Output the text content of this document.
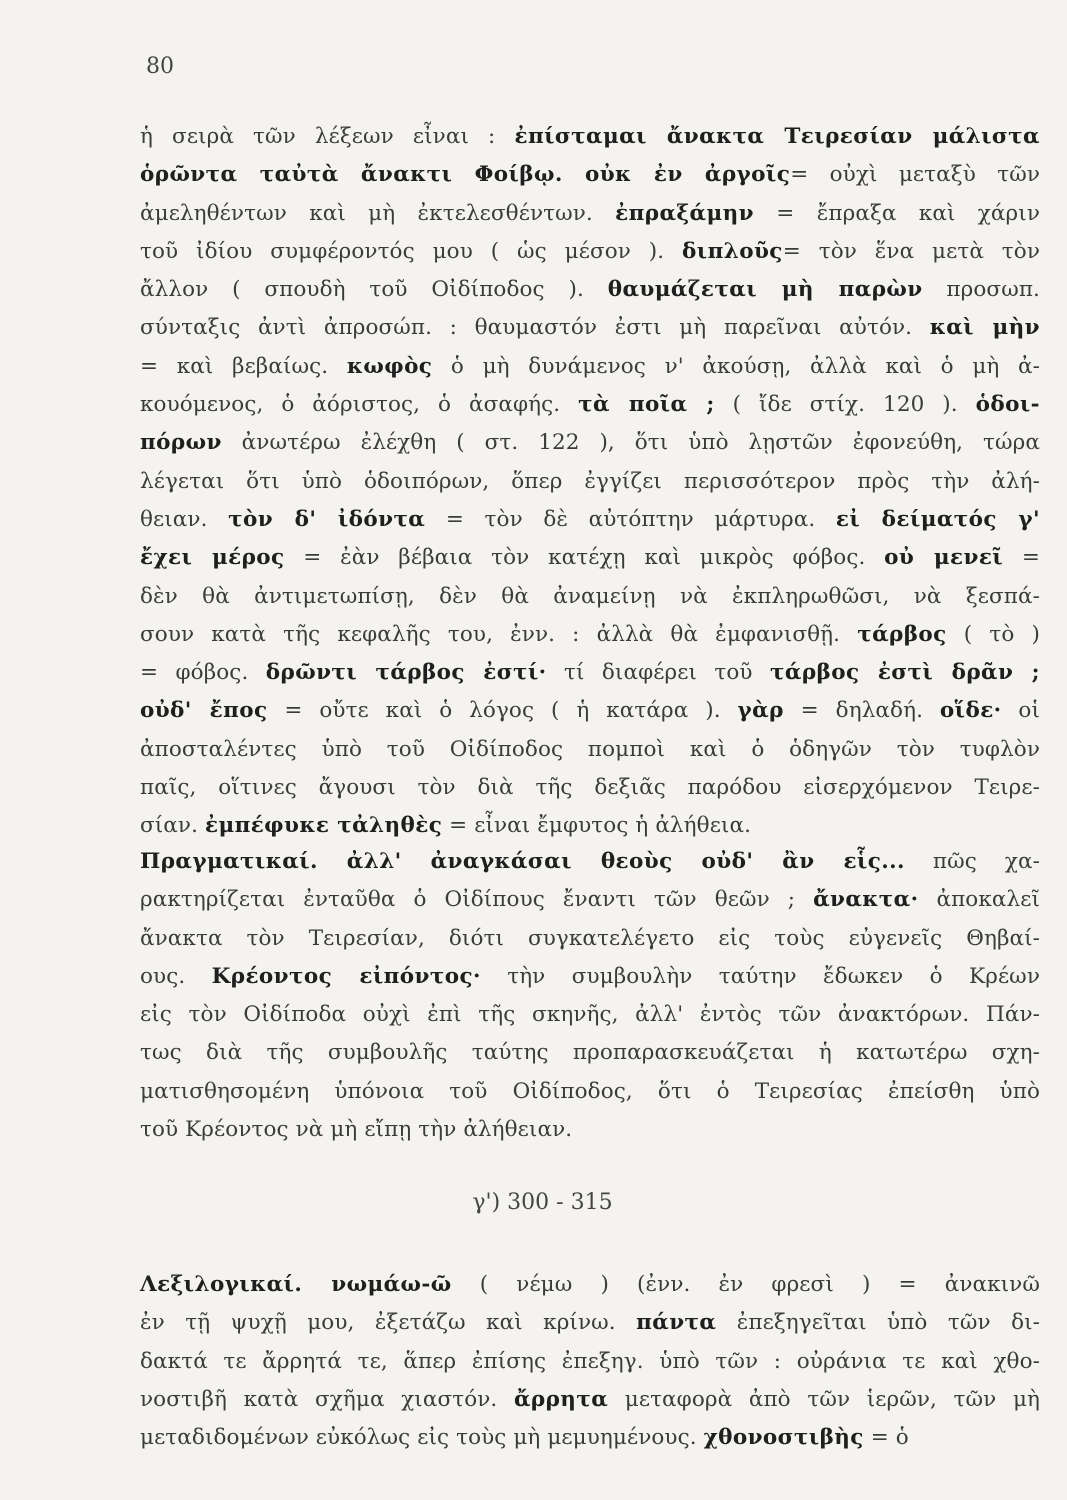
80
ἡ σειρὰ τῶν λέξεων εἶναι : ἐπίσταμαι ἄνακτα Τειρεσίαν μάλιστα
ὁρῶντα ταὐτὰ ἄνακτι Φοίβῳ. οὐκ ἐν ἀργοῖς= οὐχὶ μεταξὺ τῶν
ἀμεληθέντων καὶ μὴ ἐκτελεσθέντων. ἐπραξάμην = ἔπραξα καὶ χάριν
τοῦ ἰδίου συμφέροντός μου ( ὡς μέσον ). διπλοῦς= τὸν ἕνα μετὰ τὸν
ἄλλον ( σπουδὴ τοῦ Οἰδίποδος ). θαυμάζεται μὴ παρὼν προσωπ.
σύνταξις ἀντὶ ἀπροσώπ. : θαυμαστόν ἐστι μὴ παρεῖναι αὐτόν. καὶ μὴν
= καὶ βεβαίως. κωφὸς ὁ μὴ δυνάμενος ν' ἀκούσῃ, ἀλλὰ καὶ ὁ μὴ ἀ-
κουόμενος, ὁ ἀόριστος, ὁ ἀσαφής. τὰ ποῖα ; ( ἴδε στίχ. 120 ). ὁδοι-
πόρων ἀνωτέρω ἐλέχθη ( στ. 122 ), ὅτι ὑπὸ λῃστῶν ἐφονεύθη, τώρα
λέγεται ὅτι ὑπὸ ὁδοιπόρων, ὅπερ ἐγγίζει περισσότερον πρὸς τὴν ἀλή-
θειαν. τὸν δ' ἰδόντα = τὸν δὲ αὐτόπτην μάρτυρα. εἰ δείματός γ'
ἔχει μέρος = ἐὰν βέβαια τὸν κατέχῃ καὶ μικρὸς φόβος. οὐ μενεῖ =
δὲν θὰ ἀντιμετωπίσῃ, δὲν θὰ ἀναμείνῃ νὰ ἐκπληρωθῶσι, νὰ ξεσπά-
σουν κατὰ τῆς κεφαλῆς του, ἐνν. : ἀλλὰ θὰ ἐμφανισθῇ. τάρβος ( τὸ )
= φόβος. δρῶντι τάρβος ἐστί· τί διαφέρει τοῦ τάρβος ἐστὶ δρᾶν ;
οὐδ' ἔπος = οὔτε καὶ ὁ λόγος ( ἡ κατάρα ). γὰρ = δηλαδή. οἵδε· οἱ
ἀποσταλέντες ὑπὸ τοῦ Οἰδίποδος πομποὶ καὶ ὁ ὁδηγῶν τὸν τυφλὸν
παῖς, οἵτινες ἄγουσι τὸν διὰ τῆς δεξιᾶς παρόδου εἰσερχόμενον Τειρε-
σίαν. ἐμπέφυκε τἀληθὲς = εἶναι ἔμφυτος ἡ ἀλήθεια.
Πραγματικαί. ἀλλ' ἀναγκάσαι θεοὺς οὐδ' ἂν εἷς... πῶς χα-
ρακτηρίζεται ἐνταῦθα ὁ Οἰδίπους ἔναντι τῶν θεῶν ; ἄνακτα· ἀποκαλεῖ
ἄνακτα τὸν Τειρεσίαν, διότι συγκατελέγετο εἰς τοὺς εὐγενεῖς Θηβαί-
ους. Κρέοντος εἰπόντος· τὴν συμβουλὴν ταύτην ἔδωκεν ὁ Κρέων
εἰς τὸν Οἰδίποδα οὐχὶ ἐπὶ τῆς σκηνῆς, ἀλλ' ἐντὸς τῶν ἀνακτόρων. Πάν-
τως διὰ τῆς συμβουλῆς ταύτης προπαρασκευάζεται ἡ κατωτέρω σχη-
ματισθησομένη ὑπόνοια τοῦ Οἰδίποδος, ὅτι ὁ Τειρεσίας ἐπείσθη ὑπὸ
τοῦ Κρέοντος νὰ μὴ εἴπῃ τὴν ἀλήθειαν.
γ') 300 - 315
Λεξιλογικαί. νωμάω-ῶ ( νέμω ) (ἐνν. ἐν φρεσὶ ) = ἀνακινῶ
ἐν τῇ ψυχῇ μου, ἐξετάζω καὶ κρίνω. πάντα ἐπεξηγεῖται ὑπὸ τῶν δι-
δακτά τε ἄρρητά τε, ἅπερ ἐπίσης ἐπεξηγ. ὑπὸ τῶν : οὐράνια τε καὶ χθο-
νοστιβῆ κατὰ σχῆμα χιαστόν. ἄρρητα μεταφορὰ ἀπὸ τῶν ἱερῶν, τῶν μὴ
μεταδιδομένων εὐκόλως εἰς τοὺς μὴ μεμυημένους. χθονοστιβὴς = ὁ
